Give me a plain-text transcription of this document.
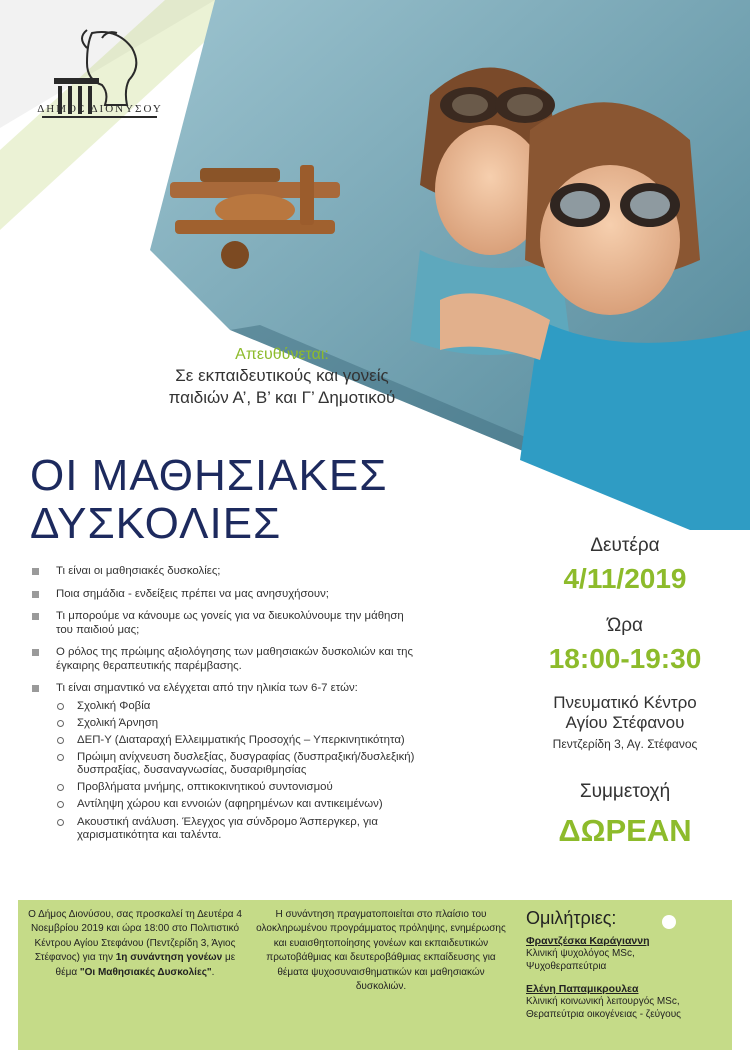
ΔΗΜΟΣ ΔΙΟΝΥΣΟΥ
Απευθύνεται:
Σε εκπαιδευτικούς και γονείς
παιδιών Α’, Β’ και Γ’ Δημοτικού
ΟΙ ΜΑΘΗΣΙΑΚΕΣ
ΔΥΣΚΟΛΙΕΣ
Τι είναι οι μαθησιακές δυσκολίες;
Ποια σημάδια - ενδείξεις πρέπει να μας ανησυχήσουν;
Τι μπορούμε να κάνουμε ως γονείς για να διευκολύνουμε την μάθηση του παιδιού μας;
Ο ρόλος της πρώιμης αξιολόγησης των μαθησιακών δυσκολιών και της έγκαιρης θεραπευτικής παρέμβασης.
Τι είναι σημαντικό να ελέγχεται από την ηλικία των 6-7 ετών:
Σχολική Φοβία
Σχολική Άρνηση
ΔΕΠ-Υ (Διαταραχή Ελλειμματικής Προσοχής – Υπερκινητικότητα)
Πρώιμη ανίχνευση δυσλεξίας, δυσγραφίας (δυσπραξική/δυσλεξική) δυσπραξίας, δυσαναγνωσίας, δυσαριθμησίας
Προβλήματα μνήμης, οπτικοκινητικού συντονισμού
Αντίληψη χώρου και εννοιών (αφηρημένων και αντικειμένων)
Ακουστική ανάλυση. Έλεγχος για σύνδρομο Άσπεργκερ, για χαρισματικότητα και ταλέντα.
Δευτέρα
4/11/2019
Ώρα
18:00-19:30
Πνευματικό Κέντρο
Αγίου Στέφανου
Πεντζερίδη 3, Αγ. Στέφανος
Συμμετοχή
ΔΩΡΕΑΝ
Ο Δήμος Διονύσου, σας προσκαλεί τη Δευτέρα 4 Νοεμβρίου 2019 και ώρα 18:00 στο Πολιτιστικό Κέντρου Αγίου Στεφάνου (Πεντζερίδη 3, Άγιος Στέφανος) για την 1η συνάντηση γονέων με θέμα "Οι Μαθησιακές Δυσκολίες".
Η συνάντηση πραγματοποιείται στο πλαίσιο του ολοκληρωμένου προγράμματος πρόληψης, ενημέρωσης και ευαισθητοποίησης γονέων και εκπαιδευτικών πρωτοβάθμιας και δευτεροβάθμιας εκπαίδευσης για θέματα ψυχοσυναισθηματικών και μαθησιακών δυσκολιών.
Ομιλήτριες:
Φραντζέσκα Καράγιαννη
Κλινική ψυχολόγος MSc,
Ψυχοθεραπεύτρια
Ελένη Παπαμικρουλεα
Κλινική κοινωνική λειτουργός MSc,
Θεραπεύτρια οικογένειας - ζεύγους
